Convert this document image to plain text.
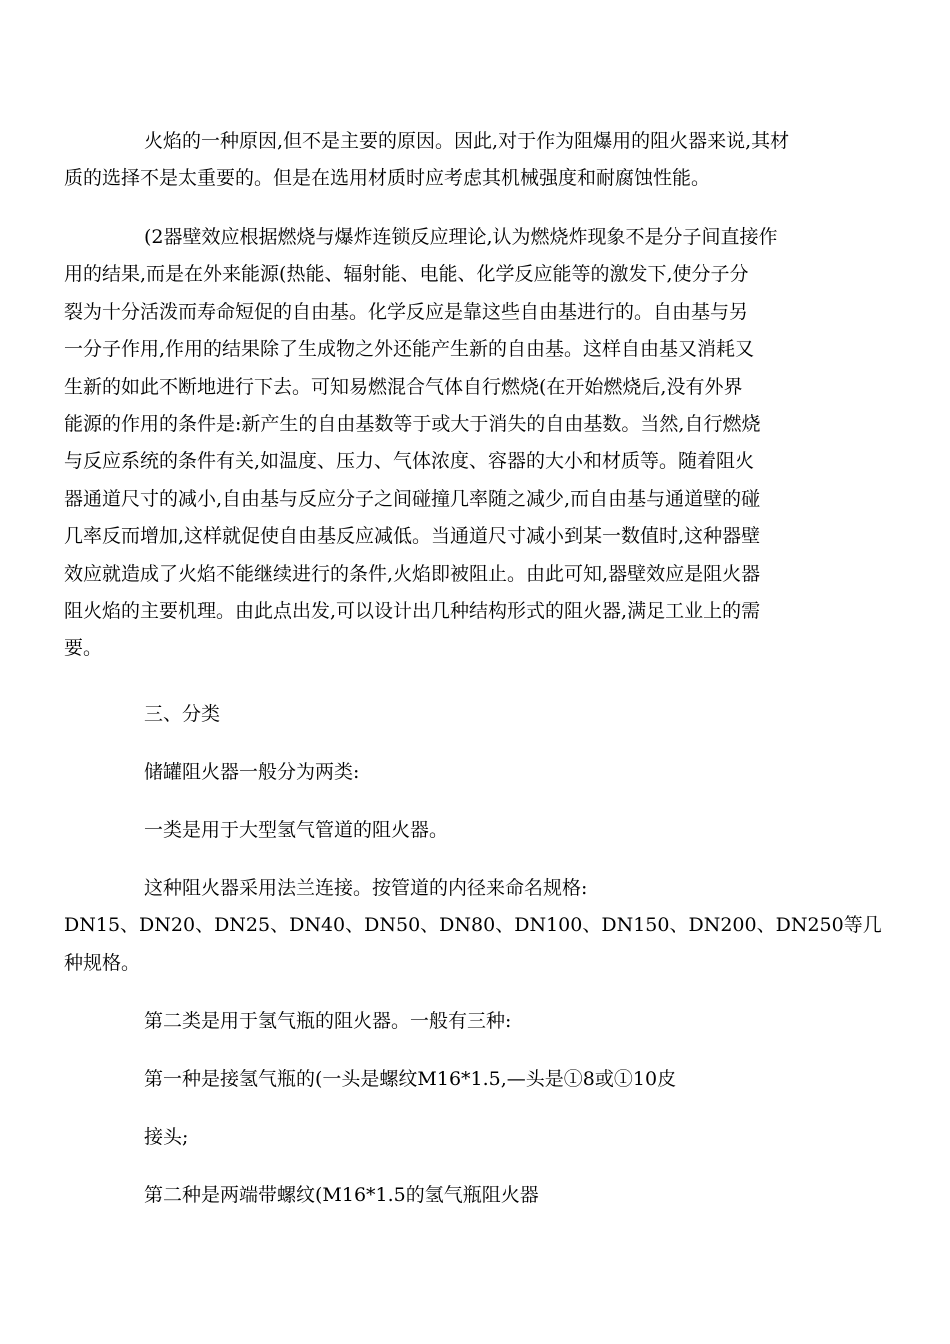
火焰的一种原因,但不是主要的原因。因此,对于作为阻爆用的阻火器来说,其材
质的选择不是太重要的。但是在选用材质时应考虑其机械强度和耐腐蚀性能。
(2器壁效应根据燃烧与爆炸连锁反应理论,认为燃烧炸现象不是分子间直接作
用的结果,而是在外来能源(热能、辐射能、电能、化学反应能等的激发下,使分子分
裂为十分活泼而寿命短促的自由基。化学反应是靠这些自由基进行的。自由基与另
一分子作用,作用的结果除了生成物之外还能产生新的自由基。这样自由基又消耗又
生新的如此不断地进行下去。可知易燃混合气体自行燃烧(在开始燃烧后,没有外界
能源的作用的条件是:新产生的自由基数等于或大于消失的自由基数。当然,自行燃烧
与反应系统的条件有关,如温度、压力、气体浓度、容器的大小和材质等。随着阻火
器通道尺寸的减小,自由基与反应分子之间碰撞几率随之减少,而自由基与通道壁的碰
几率反而增加,这样就促使自由基反应减低。当通道尺寸减小到某一数值时,这种器壁
效应就造成了火焰不能继续进行的条件,火焰即被阻止。由此可知,器壁效应是阻火器
阻火焰的主要机理。由此点出发,可以设计出几种结构形式的阻火器,满足工业上的需
要。
三、分类
储罐阻火器一般分为两类:
一类是用于大型氢气管道的阻火器。
这种阻火器采用法兰连接。按管道的内径来命名规格:
DN15、DN20、DN25、DN40、DN50、DN80、DN100、DN150、DN200、DN250等几
种规格。
第二类是用于氢气瓶的阻火器。一般有三种:
第一种是接氢气瓶的(一头是螺纹M16*1.5,—头是①8或①10皮
接头;
第二种是两端带螺纹(M16*1.5的氢气瓶阻火器
